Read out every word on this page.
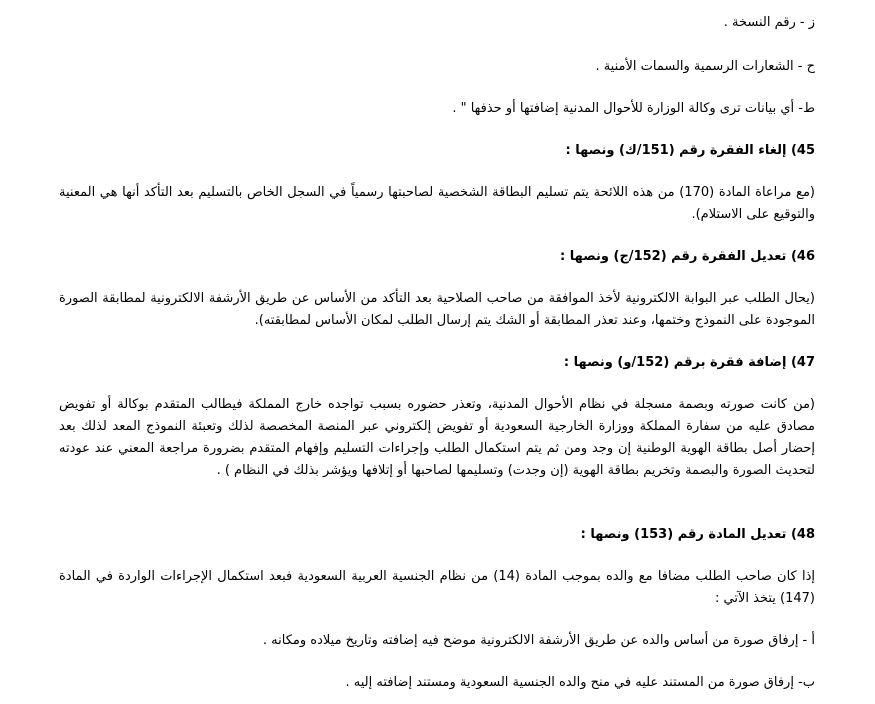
ز - رقم النسخة .

ح - الشعارات الرسمية والسمات الأمنية .

ط- أي بيانات ترى وكالة الوزارة للأحوال المدنية إضافتها أو حذفها " .

45) إلغاء الفقرة رقم (151/ك) ونصها :

(مع مراعاة المادة (170) من هذه اللائحة يتم تسليم البطاقة الشخصية لصاحبتها رسمياً في السجل الخاص بالتسليم بعد التأكد أنها هي المعنية والتوقيع على الاستلام).

46) تعديل الفقرة رقم (152/ج) ونصها :

(يحال الطلب عبر البوابة الالكترونية لأخذ الموافقة من صاحب الصلاحية بعد التأكد من الأساس عن طريق الأرشفة الالكترونية لمطابقة الصورة الموجودة على النموذج وختمها، وعند تعذر المطابقة أو الشك يتم إرسال الطلب لمكان الأساس لمطابقته).

47) إضافة فقرة برقم (152/و) ونصها :

(من كانت صورته وبصمة مسجلة في نظام الأحوال المدنية، وتعذر حضوره بسبب تواجده خارج المملكة فيطالب المتقدم بوكالة أو تفويض مصادق عليه من سفارة المملكة ووزارة الخارجية السعودية أو تفويض إلكتروني عبر المنصة المخصصة لذلك وتعبئة النموذج المعد لذلك بعد إحضار أصل بطاقة الهوية الوطنية إن وجد ومن ثم يتم استكمال الطلب وإجراءات التسليم وإفهام المتقدم بضرورة مراجعة المعني عند عودته لتحديث الصورة والبصمة وتخريم بطاقة الهوية (إن وجدت) وتسليمها لصاحبها أو إتلافها ويؤشر بذلك في النظام ) .

48) تعديل المادة رقم (153) ونصها :

إذا كان صاحب الطلب مضافا مع والده بموجب المادة (14) من نظام الجنسية العربية السعودية فبعد استكمال الإجراءات الواردة في المادة (147) يتخذ الآتي :

أ - إرفاق صورة من أساس والده عن طريق الأرشفة الالكترونية موضح فيه إضافته وتاريخ ميلاده ومكانه .

ب- إرفاق صورة من المستند عليه في منح والده الجنسية السعودية ومستند إضافته إليه .
